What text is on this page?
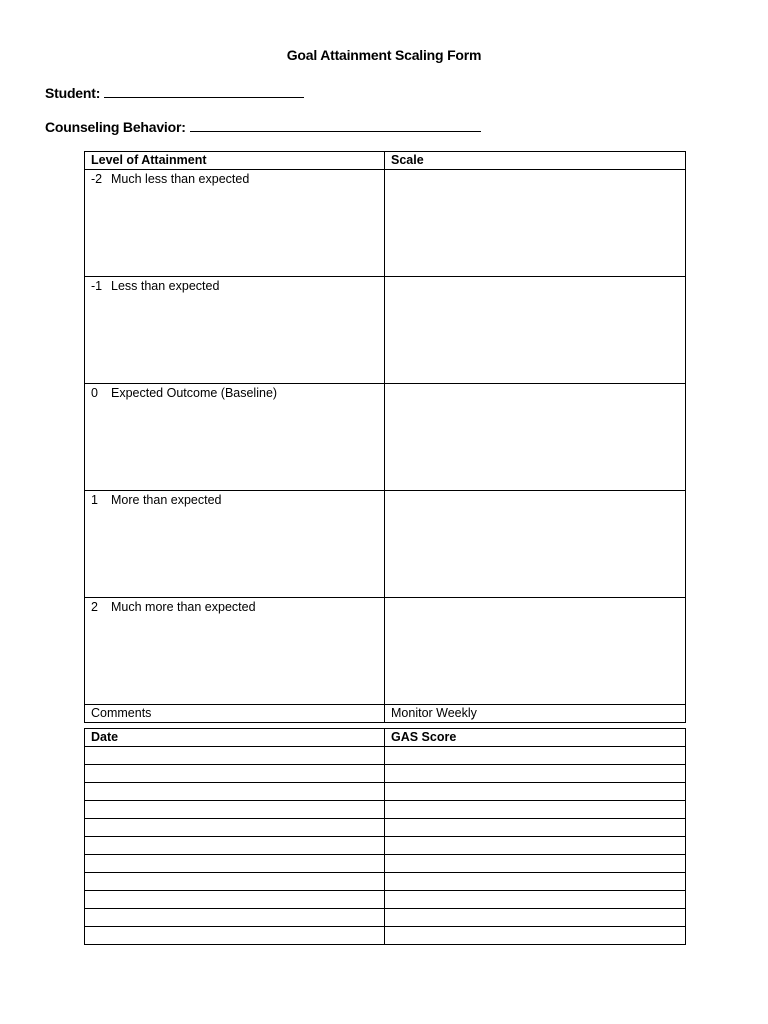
Goal Attainment Scaling Form
Student:
Counseling Behavior:
Level of Attainment	Scale
-2 Much less than expected	
-1 Less than expected	
0 Expected Outcome (Baseline)	
1 More than expected	
2 Much more than expected	
Comments	Monitor Weekly
Date	GAS Score
